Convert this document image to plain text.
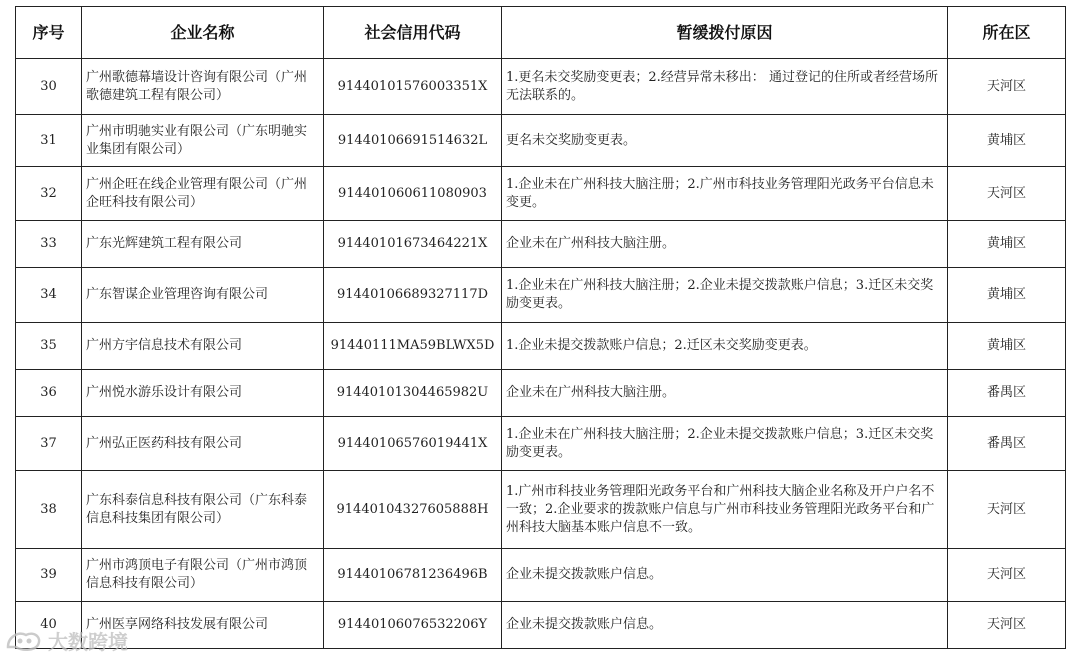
序号	企业名称	社会信用代码	暂缓拨付原因	所在区
30	广州歌德幕墙设计咨询有限公司（广州歌德建筑工程有限公司）	91440101576003351X	1.更名未交奖励变更表；2.经营异常未移出： 通过登记的住所或者经营场所无法联系的。	天河区
31	广州市明驰实业有限公司（广东明驰实业集团有限公司）	91440106691514632L	更名未交奖励变更表。	黄埔区
32	广州企旺在线企业管理有限公司（广州企旺科技有限公司）	914401060611080903	1.企业未在广州科技大脑注册；2.广州市科技业务管理阳光政务平台信息未变更。	天河区
33	广东光辉建筑工程有限公司	91440101673464221X	企业未在广州科技大脑注册。	黄埔区
34	广东智谋企业管理咨询有限公司	91440106689327117D	1.企业未在广州科技大脑注册；2.企业未提交拨款账户信息；3.迁区未交奖励变更表。	黄埔区
35	广州方宇信息技术有限公司	91440111MA59BLWX5D	1.企业未提交拨款账户信息；2.迁区未交奖励变更表。	黄埔区
36	广州悦水游乐设计有限公司	91440101304465982U	企业未在广州科技大脑注册。	番禺区
37	广州弘正医药科技有限公司	91440106576019441X	1.企业未在广州科技大脑注册；2.企业未提交拨款账户信息；3.迁区未交奖励变更表。	番禺区
38	广东科泰信息科技有限公司（广东科泰信息科技集团有限公司）	91440104327605888H	1.广州市科技业务管理阳光政务平台和广州科技大脑企业名称及开户户名不一致；2.企业要求的拨款账户信息与广州市科技业务管理阳光政务平台和广州科技大脑基本账户信息不一致。	天河区
39	广州市鸿顶电子有限公司（广州市鸿顶信息科技有限公司）	91440106781236496B	企业未提交拨款账户信息。	天河区
40	广州医享网络科技发展有限公司	91440106076532206Y	企业未提交拨款账户信息。	天河区
大数跨境
